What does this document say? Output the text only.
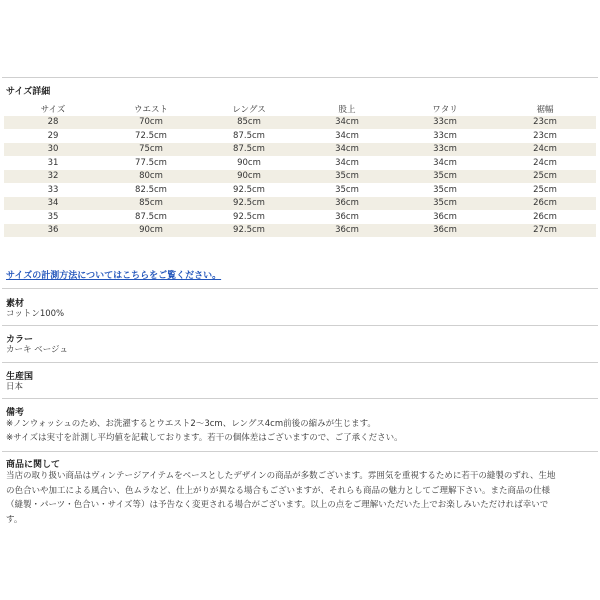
サイズ詳細
サイズ	ウエスト	レングス	股上	ワタリ	裾幅
28	70cm	85cm	34cm	33cm	23cm
29	72.5cm	87.5cm	34cm	33cm	23cm
30	75cm	87.5cm	34cm	33cm	24cm
31	77.5cm	90cm	34cm	34cm	24cm
32	80cm	90cm	35cm	35cm	25cm
33	82.5cm	92.5cm	35cm	35cm	25cm
34	85cm	92.5cm	36cm	35cm	26cm
35	87.5cm	92.5cm	36cm	36cm	26cm
36	90cm	92.5cm	36cm	36cm	27cm
サイズの計測方法についてはこちらをご覧ください。
素材
コットン100%
カラー
カーキ ベージュ
生産国
日本
備考
※ノンウォッシュのため、お洗濯するとウエスト2～3cm、レングス4cm前後の縮みが生じます。
※サイズは実寸を計測し平均値を記載しております。若干の個体差はございますので、ご了承ください。
商品に関して
当店の取り扱い商品はヴィンテージアイテムをベースとしたデザインの商品が多数ございます。雰囲気を重視するために若干の縫製のずれ、生地
の色合いや加工による風合い、色ムラなど、仕上がりが異なる場合もございますが、それらも商品の魅力としてご理解下さい。また商品の仕様
（縫製・パーツ・色合い・サイズ等）は予告なく変更される場合がございます。以上の点をご理解いただいた上でお楽しみいただければ幸いで
す。
